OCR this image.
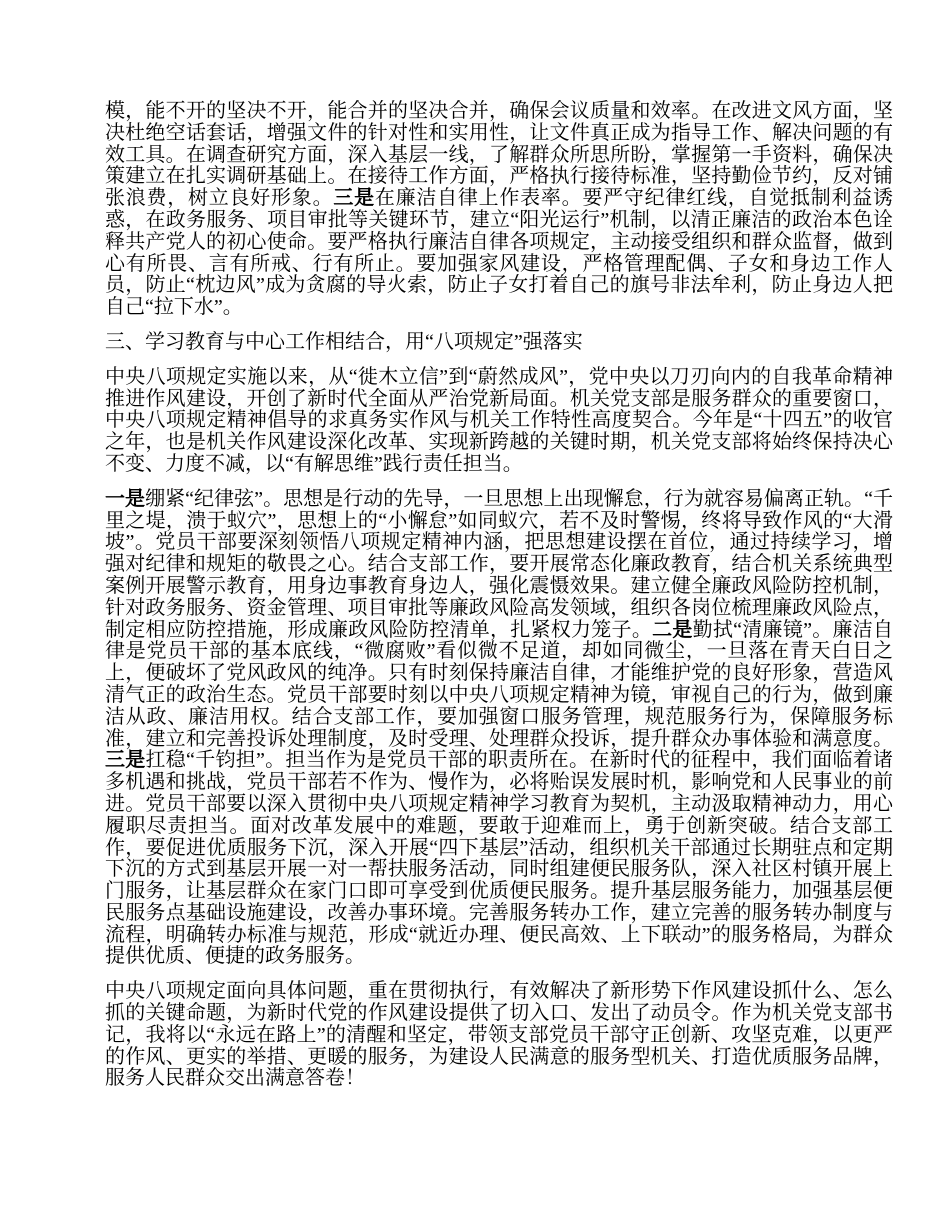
模，能不开的坚决不开，能合并的坚决合并，确保会议质量和效率。在改进文风方面，坚决杜绝空话套话，增强文件的针对性和实用性，让文件真正成为指导工作、解决问题的有效工具。在调查研究方面，深入基层一线，了解群众所思所盼，掌握第一手资料，确保决策建立在扎实调研基础上。在接待工作方面，严格执行接待标准，坚持勤俭节约，反对铺张浪费，树立良好形象。三是在廉洁自律上作表率。要严守纪律红线，自觉抵制利益诱惑，在政务服务、项目审批等关键环节，建立“阳光运行”机制，以清正廉洁的政治本色诠释共产党人的初心使命。要严格执行廉洁自律各项规定，主动接受组织和群众监督，做到心有所畏、言有所戒、行有所止。要加强家风建设，严格管理配偶、子女和身边工作人员，防止“枕边风”成为贪腐的导火索，防止子女打着自己的旗号非法牟利，防止身边人把自己“拉下水”。

三、学习教育与中心工作相结合，用“八项规定”强落实

中央八项规定实施以来，从“徙木立信”到“蔚然成风”，党中央以刀刃向内的自我革命精神推进作风建设，开创了新时代全面从严治党新局面。机关党支部是服务群众的重要窗口，中央八项规定精神倡导的求真务实作风与机关工作特性高度契合。今年是“十四五”的收官之年，也是机关作风建设深化改革、实现新跨越的关键时期，机关党支部将始终保持决心不变、力度不减，以“有解思维”践行责任担当。

一是绷紧“纪律弦”。思想是行动的先导，一旦思想上出现懈怠，行为就容易偏离正轨。“千里之堤，溃于蚁穴”，思想上的“小懈怠”如同蚁穴，若不及时警惕，终将导致作风的“大滑坡”。党员干部要深刻领悟八项规定精神内涵，把思想建设摆在首位，通过持续学习，增强对纪律和规矩的敬畏之心。结合支部工作，要开展常态化廉政教育，结合机关系统典型案例开展警示教育，用身边事教育身边人，强化震慑效果。建立健全廉政风险防控机制，针对政务服务、资金管理、项目审批等廉政风险高发领域，组织各岗位梳理廉政风险点，制定相应防控措施，形成廉政风险防控清单，扎紧权力笼子。二是勤拭“清廉镜”。廉洁自律是党员干部的基本底线，“微腐败”看似微不足道，却如同微尘，一旦落在青天白日之上，便破坏了党风政风的纯净。只有时刻保持廉洁自律，才能维护党的良好形象，营造风清气正的政治生态。党员干部要时刻以中央八项规定精神为镜，审视自己的行为，做到廉洁从政、廉洁用权。结合支部工作，要加强窗口服务管理，规范服务行为，保障服务标准，建立和完善投诉处理制度，及时受理、处理群众投诉，提升群众办事体验和满意度。三是扛稳“千钧担”。担当作为是党员干部的职责所在。在新时代的征程中，我们面临着诸多机遇和挑战，党员干部若不作为、慢作为，必将贻误发展时机，影响党和人民事业的前进。党员干部要以深入贯彻中央八项规定精神学习教育为契机，主动汲取精神动力，用心履职尽责担当。面对改革发展中的难题，要敢于迎难而上，勇于创新突破。结合支部工作，要促进优质服务下沉，深入开展“四下基层”活动，组织机关干部通过长期驻点和定期下沉的方式到基层开展一对一帮扶服务活动，同时组建便民服务队，深入社区村镇开展上门服务，让基层群众在家门口即可享受到优质便民服务。提升基层服务能力，加强基层便民服务点基础设施建设，改善办事环境。完善服务转办工作，建立完善的服务转办制度与流程，明确转办标准与规范，形成“就近办理、便民高效、上下联动”的服务格局，为群众提供优质、便捷的政务服务。

中央八项规定面向具体问题，重在贯彻执行，有效解决了新形势下作风建设抓什么、怎么抓的关键命题，为新时代党的作风建设提供了切入口、发出了动员令。作为机关党支部书记，我将以“永远在路上”的清醒和坚定，带领支部党员干部守正创新、攻坚克难，以更严的作风、更实的举措、更暖的服务，为建设人民满意的服务型机关、打造优质服务品牌，服务人民群众交出满意答卷！
